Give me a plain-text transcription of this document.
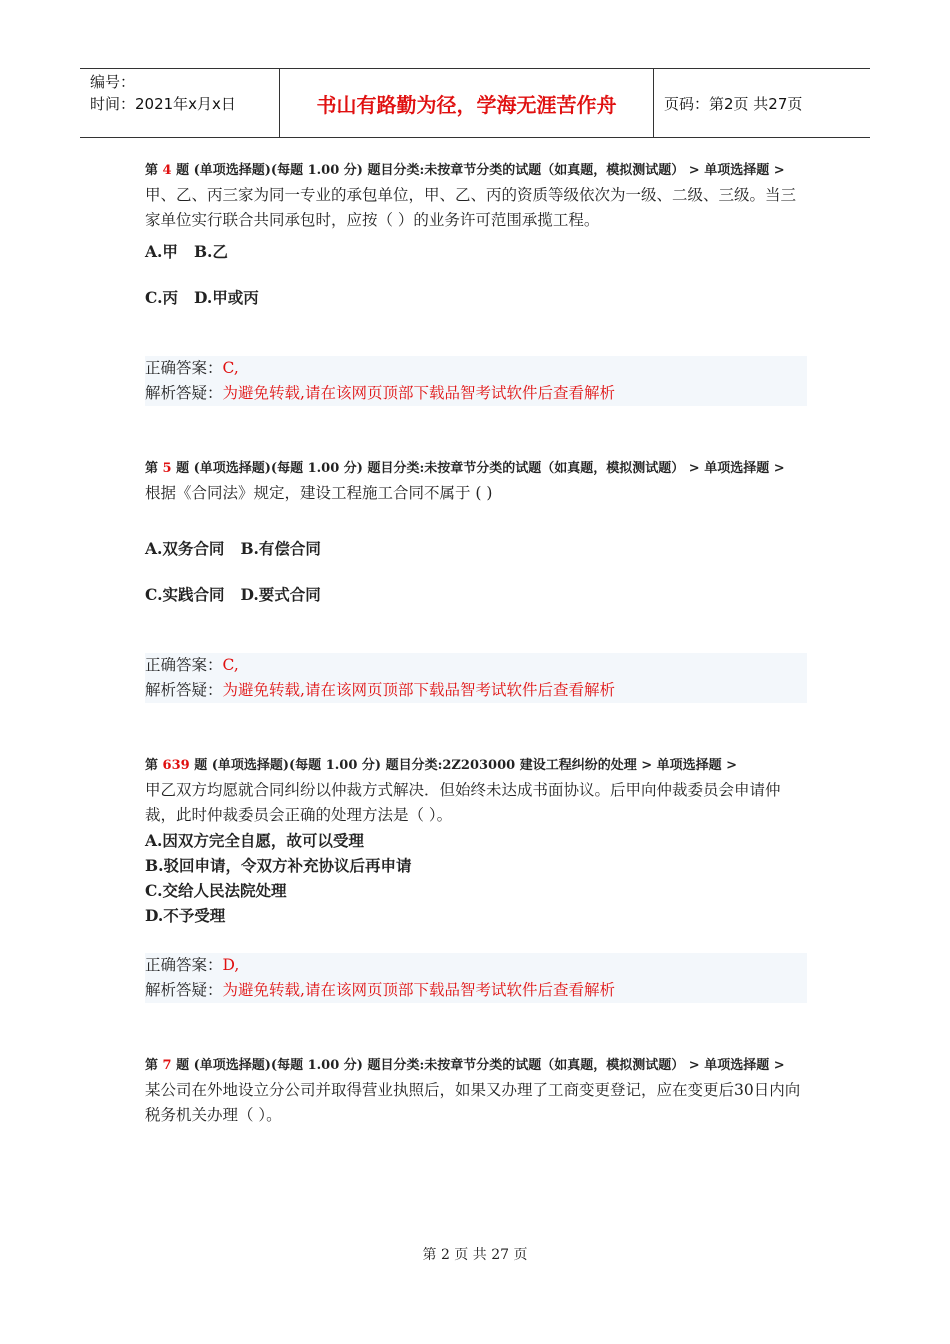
编号：
时间：2021年x月x日	书山有路勤为径，学海无涯苦作舟	页码：第2页 共27页
第 4 题 (单项选择题)(每题 1.00 分) 题目分类:未按章节分类的试题（如真题，模拟测试题） > 单项选择题 >
甲、乙、丙三家为同一专业的承包单位，甲、乙、丙的资质等级依次为一级、二级、三级。当三 家单位实行联合共同承包时，应按（ ）的业务许可范围承揽工程。
A.甲 B.乙
C.丙 D.甲或丙
正确答案：C,
解析答疑：为避免转载,请在该网页顶部下载品智考试软件后查看解析
第 5 题 (单项选择题)(每题 1.00 分) 题目分类:未按章节分类的试题（如真题，模拟测试题） > 单项选择题 >
根据《合同法》规定，建设工程施工合同不属于 ( )
A.双务合同 B.有偿合同
C.实践合同 D.要式合同
正确答案：C,
解析答疑：为避免转载,请在该网页顶部下载品智考试软件后查看解析
第 639 题 (单项选择题)(每题 1.00 分) 题目分类:2Z203000 建设工程纠纷的处理 > 单项选择题 >
甲乙双方均愿就合同纠纷以仲裁方式解决．但始终未达成书面协议。后甲向仲裁委员会申请仲裁，此时仲裁委员会正确的处理方法是（ ）。
A.因双方完全自愿，故可以受理
B.驳回申请，令双方补充协议后再申请
C.交给人民法院处理
D.不予受理
正确答案：D,
解析答疑：为避免转载,请在该网页顶部下载品智考试软件后查看解析
第 7 题 (单项选择题)(每题 1.00 分) 题目分类:未按章节分类的试题（如真题，模拟测试题） > 单项选择题 >
某公司在外地设立分公司并取得营业执照后，如果又办理了工商变更登记，应在变更后30日内向税务机关办理（ ）。
第 2 页 共 27 页
